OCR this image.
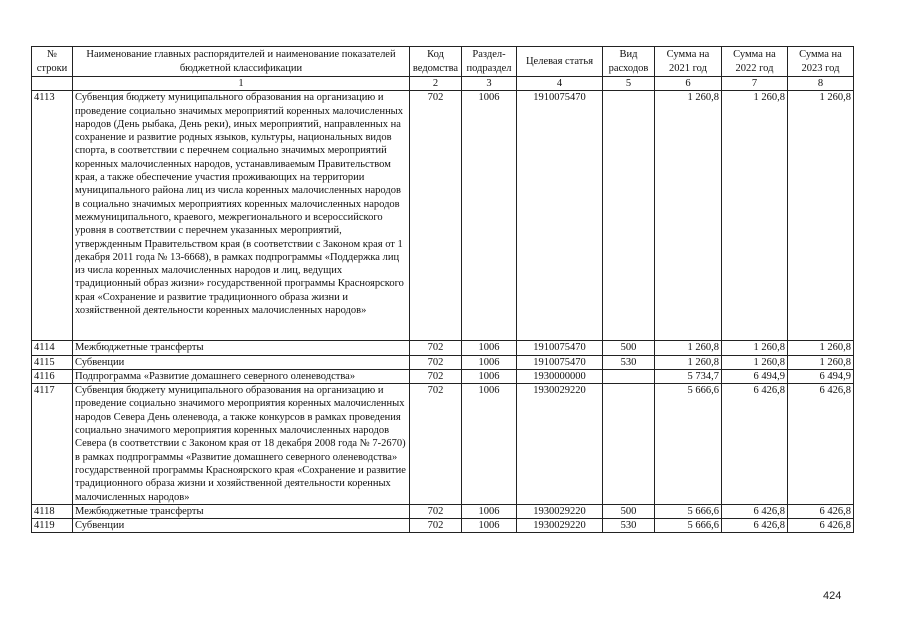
№ строки	Наименование главных распорядителей и наименование показателей бюджетной классификации	Код ведомства	Раздел-подраздел	Целевая статья	Вид расходов	Сумма на 2021 год	Сумма на 2022 год	Сумма на 2023 год
	1	2	3	4	5	6	7	8
4113	Субвенция бюджету муниципального образования на организацию и проведение социально значимых мероприятий коренных малочисленных народов (День рыбака, День реки), иных мероприятий, направленных на сохранение и развитие родных языков, культуры, национальных видов спорта, в соответствии с перечнем социально значимых мероприятий коренных малочисленных народов, устанавливаемым Правительством края, а также обеспечение участия проживающих на территории муниципального района лиц из числа коренных малочисленных народов в социально значимых мероприятиях коренных малочисленных народов межмуниципального, краевого, межрегионального и всероссийского уровня в соответствии с перечнем указанных мероприятий, утвержденным Правительством края (в соответствии с Законом края от 1 декабря 2011 года № 13-6668), в рамках подпрограммы «Поддержка лиц из числа коренных малочисленных народов и лиц, ведущих традиционный образ жизни» государственной программы Красноярского края «Сохранение и развитие традиционного образа жизни и хозяйственной деятельности коренных малочисленных народов»	702	1006	1910075470		1 260,8	1 260,8	1 260,8
4114	Межбюджетные трансферты	702	1006	1910075470	500	1 260,8	1 260,8	1 260,8
4115	Субвенции	702	1006	1910075470	530	1 260,8	1 260,8	1 260,8
4116	Подпрограмма «Развитие домашнего северного оленеводства»	702	1006	1930000000		5 734,7	6 494,9	6 494,9
4117	Субвенция бюджету муниципального образования на организацию и проведение социально значимого мероприятия коренных малочисленных народов Севера День оленевода, а также конкурсов в рамках проведения социально значимого мероприятия коренных малочисленных народов Севера (в соответствии с Законом края от 18 декабря 2008 года № 7-2670) в рамках подпрограммы «Развитие домашнего северного оленеводства» государственной программы Красноярского края «Сохранение и развитие традиционного образа жизни и хозяйственной деятельности коренных малочисленных народов»	702	1006	1930029220		5 666,6	6 426,8	6 426,8
4118	Межбюджетные трансферты	702	1006	1930029220	500	5 666,6	6 426,8	6 426,8
4119	Субвенции	702	1006	1930029220	530	5 666,6	6 426,8	6 426,8
424
